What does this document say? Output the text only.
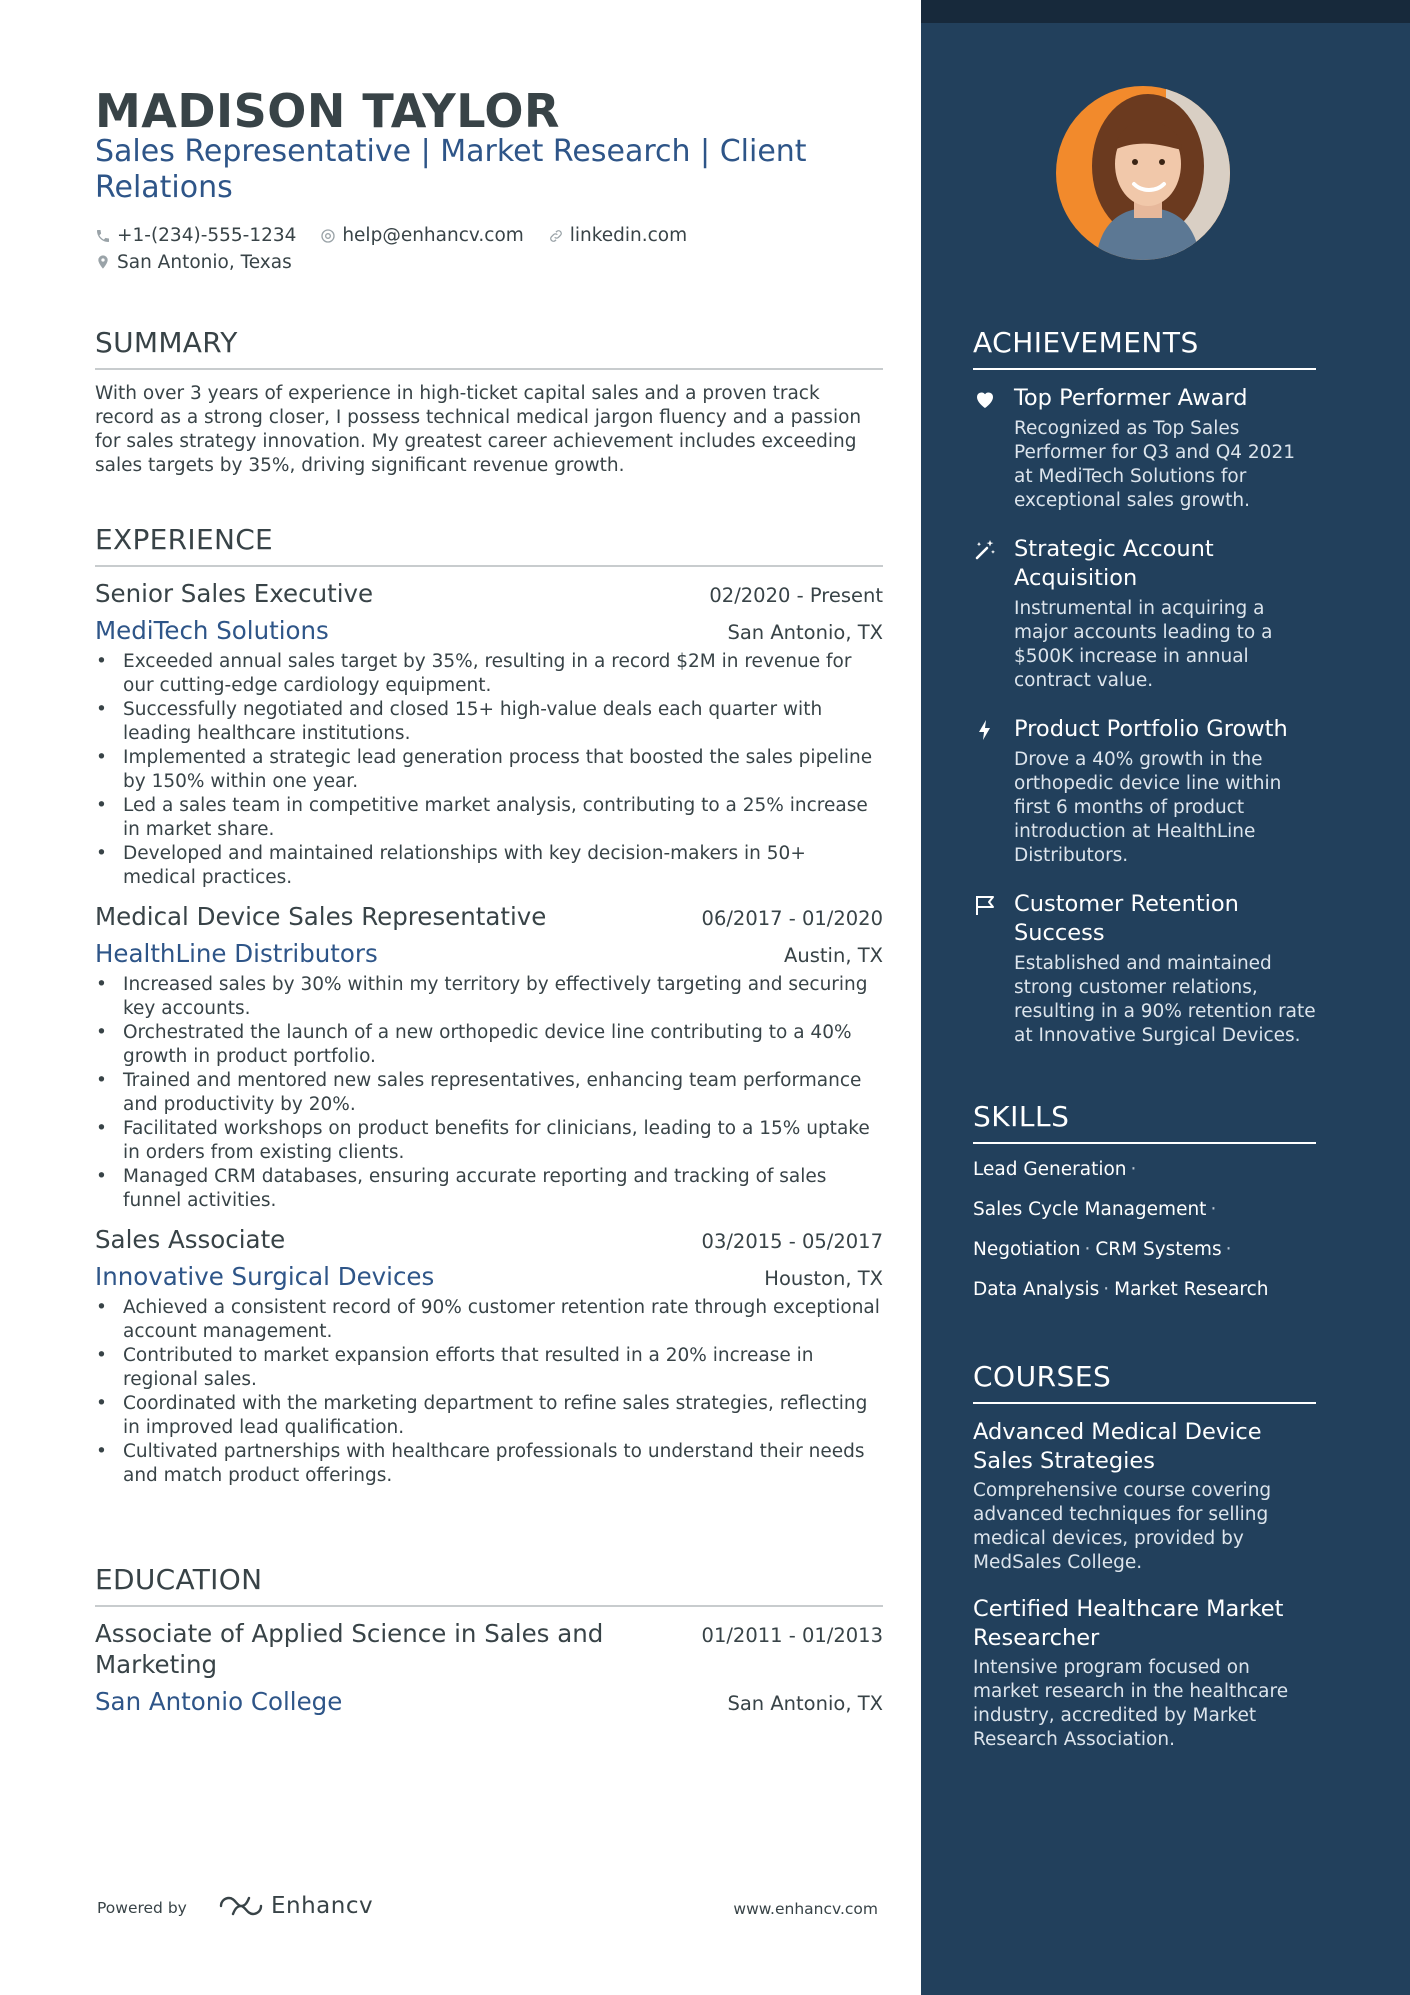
MADISON TAYLOR
Sales Representative | Market Research | Client Relations
+1-(234)-555-1234
help@enhancv.com
linkedin.com
San Antonio, Texas
SUMMARY
With over 3 years of experience in high-ticket capital sales and a proven track record as a strong closer, I possess technical medical jargon fluency and a passion for sales strategy innovation. My greatest career achievement includes exceeding sales targets by 35%, driving significant revenue growth.
EXPERIENCE
Senior Sales Executive	02/2020 - Present
MediTech Solutions	San Antonio, TX
• Exceeded annual sales target by 35%, resulting in a record $2M in revenue for our cutting-edge cardiology equipment.
• Successfully negotiated and closed 15+ high-value deals each quarter with leading healthcare institutions.
• Implemented a strategic lead generation process that boosted the sales pipeline by 150% within one year.
• Led a sales team in competitive market analysis, contributing to a 25% increase in market share.
• Developed and maintained relationships with key decision-makers in 50+ medical practices.
Medical Device Sales Representative	06/2017 - 01/2020
HealthLine Distributors	Austin, TX
• Increased sales by 30% within my territory by effectively targeting and securing key accounts.
• Orchestrated the launch of a new orthopedic device line contributing to a 40% growth in product portfolio.
• Trained and mentored new sales representatives, enhancing team performance and productivity by 20%.
• Facilitated workshops on product benefits for clinicians, leading to a 15% uptake in orders from existing clients.
• Managed CRM databases, ensuring accurate reporting and tracking of sales funnel activities.
Sales Associate	03/2015 - 05/2017
Innovative Surgical Devices	Houston, TX
• Achieved a consistent record of 90% customer retention rate through exceptional account management.
• Contributed to market expansion efforts that resulted in a 20% increase in regional sales.
• Coordinated with the marketing department to refine sales strategies, reflecting in improved lead qualification.
• Cultivated partnerships with healthcare professionals to understand their needs and match product offerings.
EDUCATION
Associate of Applied Science in Sales and Marketing
01/2011 - 01/2013
San Antonio College	San Antonio, TX
Powered by	Enhancv	www.enhancv.com
ACHIEVEMENTS
Top Performer Award
Recognized as Top Sales Performer for Q3 and Q4 2021 at MediTech Solutions for exceptional sales growth.
Strategic Account Acquisition
Instrumental in acquiring a major accounts leading to a $500K increase in annual contract value.
Product Portfolio Growth
Drove a 40% growth in the orthopedic device line within first 6 months of product introduction at HealthLine Distributors.
Customer Retention Success
Established and maintained strong customer relations, resulting in a 90% retention rate at Innovative Surgical Devices.
SKILLS
Lead Generation ·
Sales Cycle Management ·
Negotiation · CRM Systems ·
Data Analysis · Market Research
COURSES
Advanced Medical Device Sales Strategies
Comprehensive course covering advanced techniques for selling medical devices, provided by MedSales College.
Certified Healthcare Market Researcher
Intensive program focused on market research in the healthcare industry, accredited by Market Research Association.
